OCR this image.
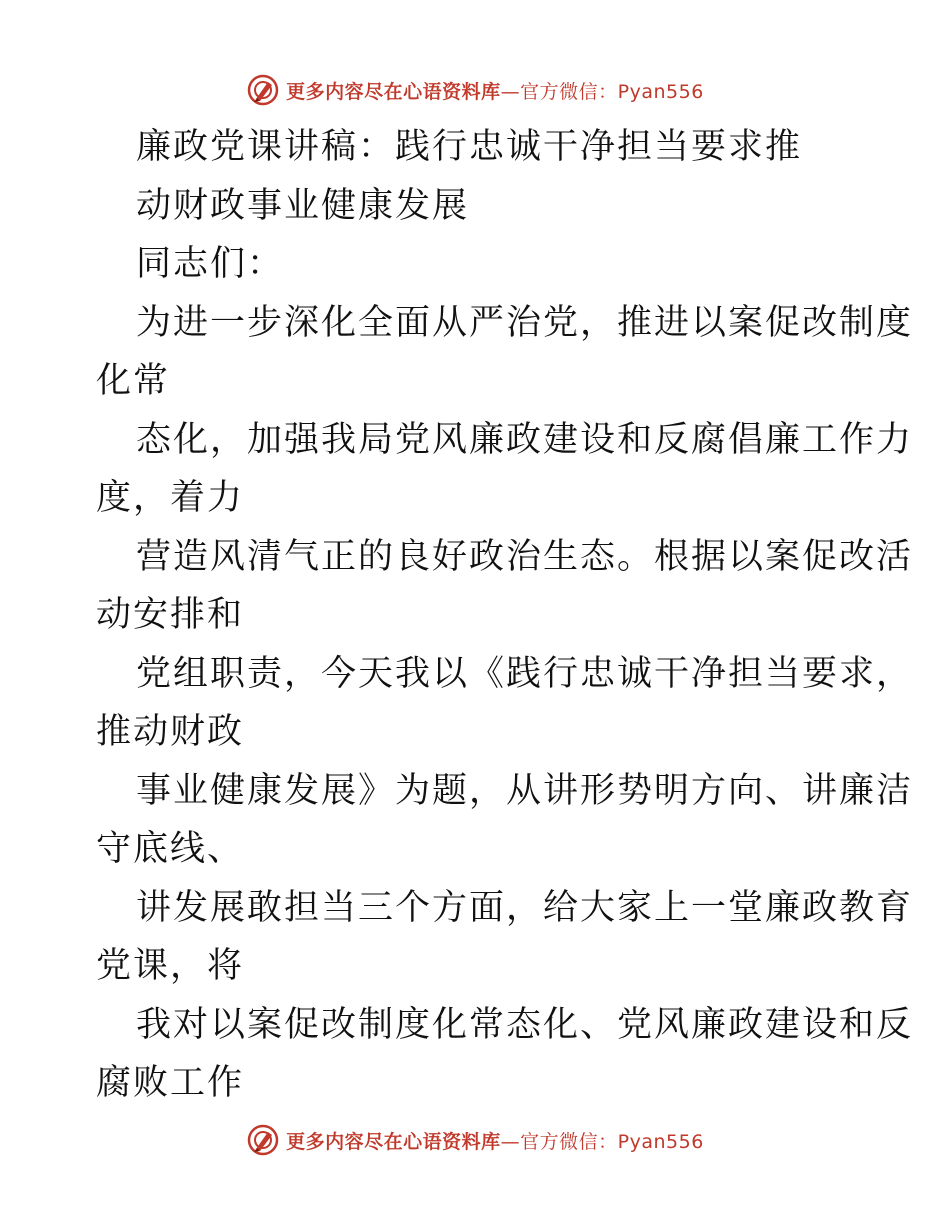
更多内容尽在心语资料库—官方微信：Pyan556
廉政党课讲稿：践行忠诚干净担当要求推
动财政事业健康发展
同志们：
为进一步深化全面从严治党，推进以案促改制度
化常
态化，加强我局党风廉政建设和反腐倡廉工作力
度，着力
营造风清气正的良好政治生态。根据以案促改活
动安排和
党组职责，今天我以《践行忠诚干净担当要求，
推动财政
事业健康发展》为题，从讲形势明方向、讲廉洁
守底线、
讲发展敢担当三个方面，给大家上一堂廉政教育
党课，将
我对以案促改制度化常态化、党风廉政建设和反
腐败工作
更多内容尽在心语资料库—官方微信：Pyan556
